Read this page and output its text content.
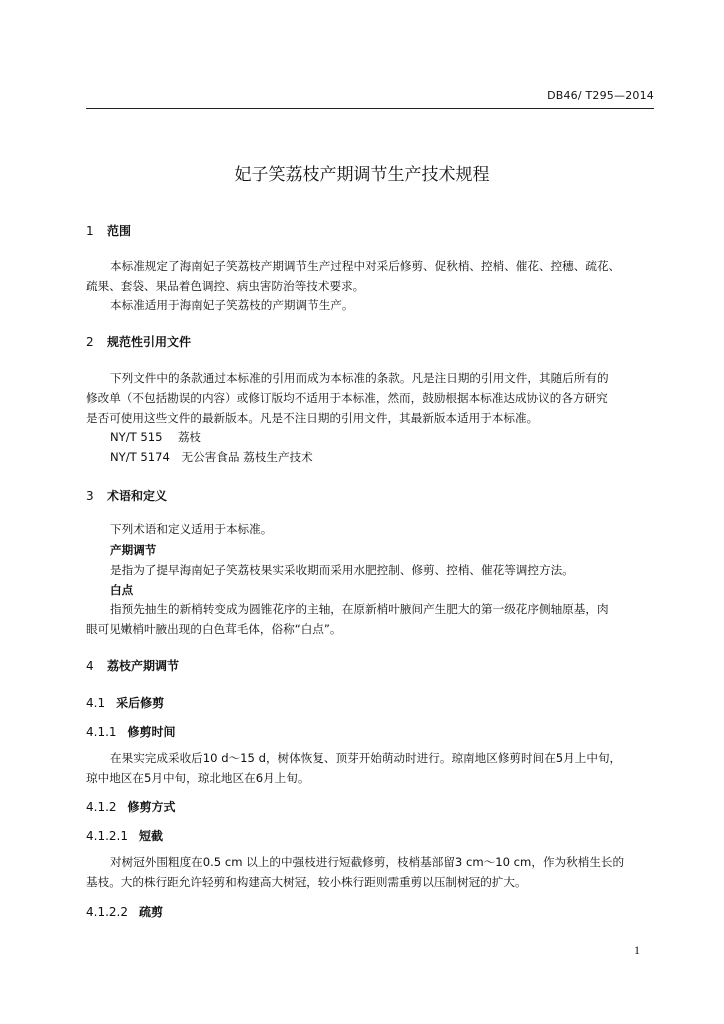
DB46/ T295—2014
妃子笑荔枝产期调节生产技术规程
1 范围
本标准规定了海南妃子笑荔枝产期调节生产过程中对采后修剪、促秋梢、控梢、催花、控穗、疏花、
疏果、套袋、果品着色调控、病虫害防治等技术要求。
本标准适用于海南妃子笑荔枝的产期调节生产。
2 规范性引用文件
下列文件中的条款通过本标准的引用而成为本标准的条款。凡是注日期的引用文件，其随后所有的
修改单（不包括勘误的内容）或修订版均不适用于本标准，然而，鼓励根据本标准达成协议的各方研究
是否可使用这些文件的最新版本。凡是不注日期的引用文件，其最新版本适用于本标准。
NY/T 515　 荔枝
NY/T 5174　无公害食品 荔枝生产技术
3 术语和定义
下列术语和定义适用于本标准。
产期调节
是指为了提早海南妃子笑荔枝果实采收期而采用水肥控制、修剪、控梢、催花等调控方法。
白点
指预先抽生的新梢转变成为圆锥花序的主轴，在原新梢叶腋间产生肥大的第一级花序侧轴原基，肉
眼可见嫩梢叶腋出现的白色茸毛体，俗称“白点”。
4 荔枝产期调节
4.1 采后修剪
4.1.1 修剪时间
在果实完成采收后10 d～15 d，树体恢复、顶芽开始萌动时进行。琼南地区修剪时间在5月上中旬，
琼中地区在5月中旬，琼北地区在6月上旬。
4.1.2 修剪方式
4.1.2.1 短截
对树冠外围粗度在0.5 cm 以上的中强枝进行短截修剪，枝梢基部留3 cm～10 cm，作为秋梢生长的
基枝。大的株行距允许轻剪和构建高大树冠，较小株行距则需重剪以压制树冠的扩大。
4.1.2.2 疏剪
1
